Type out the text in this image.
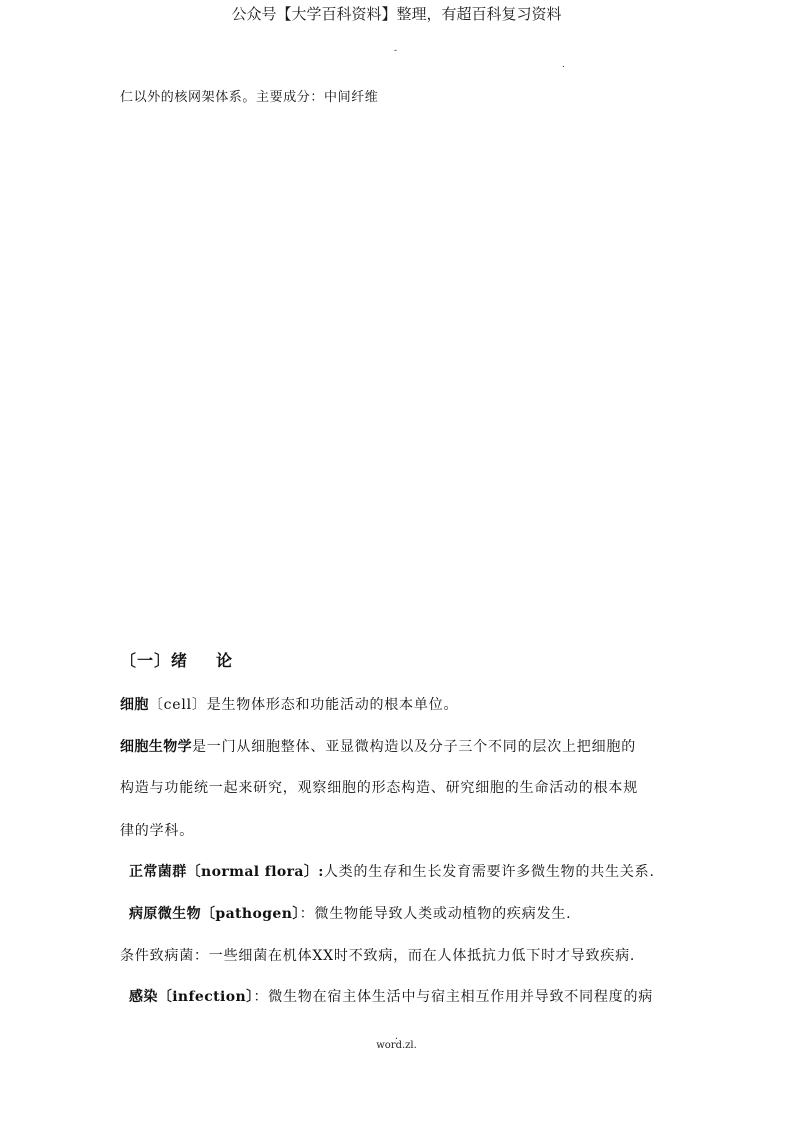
公众号【大学百科资料】整理，有超百科复习资料
-
.
仁以外的核网架体系。主要成分：中间纤维
〔一〕绪 论
细胞〔cell〕是生物体形态和功能活动的根本单位。
细胞生物学是一门从细胞整体、亚显微构造以及分子三个不同的层次上把细胞的
构造与功能统一起来研究，观察细胞的形态构造、研究细胞的生命活动的根本规
律的学科。
正常菌群〔normal flora〕:人类的生存和生长发育需要许多微生物的共生关系.
病原微生物〔pathogen〕：微生物能导致人类或动植物的疾病发生.
条件致病菌：一些细菌在机体XX时不致病，而在人体抵抗力低下时才导致疾病.
感染〔infection〕：微生物在宿主体生活中与宿主相互作用并导致不同程度的病
.
word.zl.
